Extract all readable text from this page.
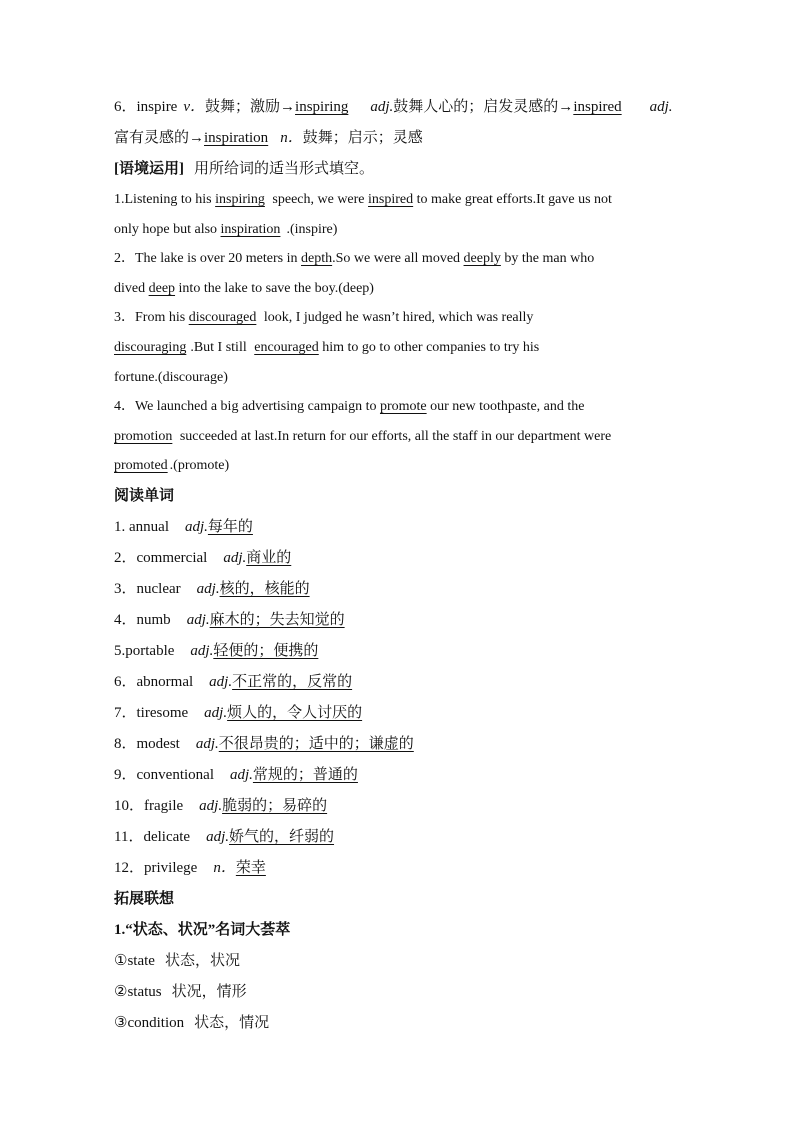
6．inspire v．鼓舞；激励→inspiring adj.鼓舞人心的；启发灵感的→inspired adj.
富有灵感的→inspiration n．鼓舞；启示；灵感
[语境运用] 用所给词的适当形式填空。
1.Listening to his inspiring speech, we were inspired to make great efforts.It gave us not
only hope but also inspiration .(inspire)
2．The lake is over 20 meters in depth.So we were all moved deeply by the man who
dived deep into the lake to save the boy.(deep)
3．From his discouraged look, I judged he wasn’t hired, which was really
discouraging .But I still encouraged him to go to other companies to try his
fortune.(discourage)
4．We launched a big advertising campaign to promote our new toothpaste, and the
promotion succeeded at last.In return for our efforts, all the staff in our department were
promoted .(promote)
阅读单词
1. annual adj.每年的
2．commercial adj.商业的
3．nuclear adj.核的，核能的
4．numb adj.麻木的；失去知觉的
5.portable adj.轻便的；便携的
6．abnormal adj.不正常的，反常的
7．tiresome adj.烦人的，令人讨厌的
8．modest adj.不很昂贵的；适中的；谦虚的
9．conventional adj.常规的；普通的
10．fragile adj.脆弱的；易碎的
11．delicate adj.娇气的，纤弱的
12．privilege n．荣幸
拓展联想
1.“状态、状况”名词大荟萃
①state 状态，状况
②status 状况，情形
③condition 状态，情况
